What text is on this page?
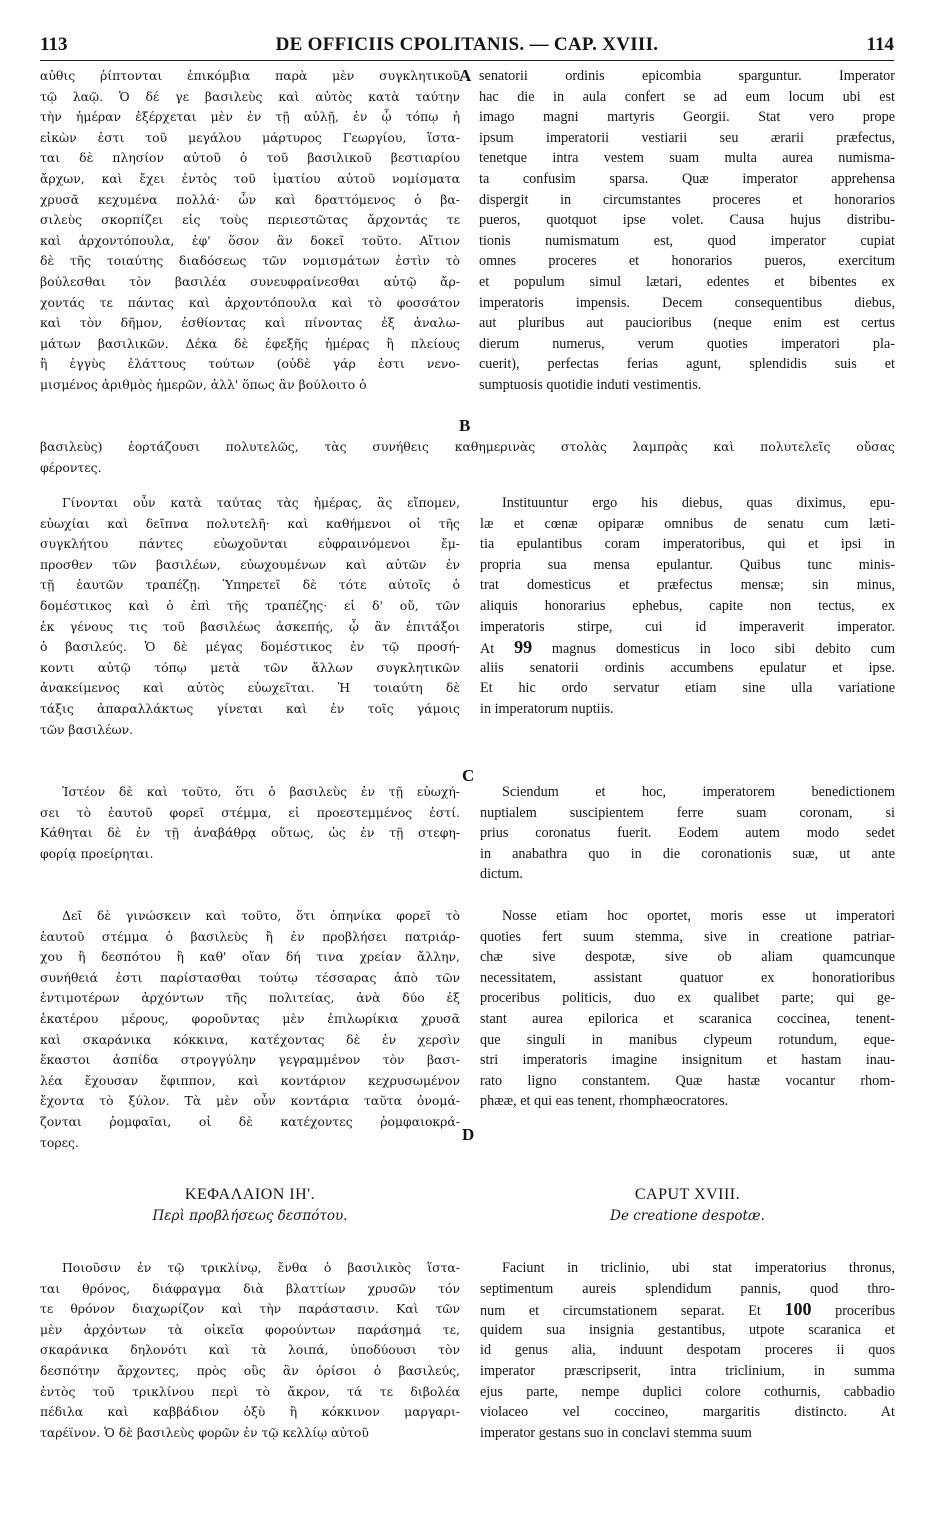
113	DE OFFICIIS CPOLITANIS. — CAP. XVIII.	114
αὐθις ῥίπτονται ἐπικόμβια παρὰ μὲν συγκλητικοῦ
τῷ λαῷ. Ὁ δέ γε βασιλεὺς καὶ αὐτὸς κατὰ ταύτην
τὴν ἡμέραν ἐξέρχεται μὲν ἐν τῇ αὐλῇ, ἐν ᾧ τόπῳ ἡ
εἰκὼν ἐστι τοῦ μεγάλου μάρτυρος Γεωργίου, ἵστα-
ται δὲ πλησίον αὐτοῦ ὁ τοῦ βασιλικοῦ βεστιαρίου
ἄρχων, καὶ ἔχει ἐντὸς τοῦ ἱματίου αὐτοῦ νομίσματα
χρυσᾶ κεχυμένα πολλά· ὧν καὶ δραττόμενος ὁ βα-
σιλεὺς σκορπίζει εἰς τοὺς περιεστῶτας ἄρχοντάς τε
καὶ ἀρχοντόπουλα, ἐφ' ὅσον ἂν δοκεῖ τοῦτο. Αἴτιον
δὲ τῆς τοιαύτης διαδόσεως τῶν νομισμάτων ἐστὶν τὸ
βούλεσθαι τὸν βασιλέα συνευφραίνεσθαι αὐτῷ ἄρ-
χοντάς τε πάντας καὶ ἀρχοντόπουλα καὶ τὸ φοσσάτον
καὶ τὸν δῆμον, ἐσθίοντας καὶ πίνοντας ἐξ ἀναλω-
μάτων βασιλικῶν. Δέκα δὲ ἐφεξῆς ἡμέρας ἢ πλείους
ἢ ἐγγὺς ἐλάττους τούτων (οὐδὲ γάρ ἐστι νενο-
μισμένος ἀριθμὸς ἡμερῶν, ἀλλ' ὅπως ἂν βούλοιτο ὁ
senatorii ordinis epicombia sparguntur. Imperator
hac die in aula confert se ad eum locum ubi est
imago magni martyris Georgii. Stat vero prope
ipsum imperatorii vestiarii seu ærarii præfectus,
tenetque intra vestem suam multa aurea numisma-
ta confusim sparsa. Quæ imperator apprehensa
dispergit in circumstantes proceres et honorarios
pueros, quotquot ipse volet. Causa hujus distribu-
tionis numismatum est, quod imperator cupiat
omnes proceres et honorarios pueros, exercitum
et populum simul lætari, edentes et bibentes ex
imperatoris impensis. Decem consequentibus diebus,
aut pluribus aut paucioribus (neque enim est certus
dierum numerus, verum quoties imperatori pla-
cuerit), perfectas ferias agunt, splendidis suis et
sumptuosis quotidie induti vestimentis.
βασιλεὺς) ἑορτάζουσι πολυτελῶς, τὰς συνήθεις καθημερινὰς στολὰς λαμπρὰς καὶ πολυτελεῖς οὔσας
φέροντες.
A
B
C
D
Γίνονται οὖν κατὰ ταύτας τὰς ἡμέρας, ἃς εἴπομεν,
εὐωχίαι καὶ δεῖπνα πολυτελῆ· καὶ καθήμενοι οἱ τῆς
συγκλήτου πάντες εὐωχοῦνται εὐφραινόμενοι ἔμ-
προσθεν τῶν βασιλέων, εὐωχουμένων καὶ αὐτῶν ἐν
τῇ ἑαυτῶν τραπέζῃ. Ὑπηρετεῖ δὲ τότε αὐτοῖς ὁ
δομέστικος καὶ ὁ ἐπὶ τῆς τραπέζης· εἰ δ' οὔ, τῶν
ἐκ γένους τις τοῦ βασιλέως ἀσκεπής, ᾧ ἂν ἐπιτάξοι
ὁ βασιλεύς. Ὁ δὲ μέγας δομέστικος ἐν τῷ προσή-
κοντι αὐτῷ τόπῳ μετὰ τῶν ἄλλων συγκλητικῶν
ἀνακείμενος καὶ αὐτὸς εὐωχεῖται. Ἡ τοιαύτη δὲ
τάξις ἀπαραλλάκτως γίνεται καὶ ἐν τοῖς γάμοις
τῶν βασιλέων.
Ἰστέον δὲ καὶ τοῦτο, ὅτι ὁ βασιλεὺς ἐν τῇ εὐωχή-
σει τὸ ἑαυτοῦ φορεῖ στέμμα, εἰ προεστεμμένος ἐστί.
Κάθηται δὲ ἐν τῇ ἀναβάθρᾳ οὕτως, ὡς ἐν τῇ στεφη-
φορίᾳ προείρηται.
Δεῖ δὲ γινώσκειν καὶ τοῦτο, ὅτι ὁπηνίκα φορεῖ τὸ
ἑαυτοῦ στέμμα ὁ βασιλεὺς ἢ ἐν προβλήσει πατριάρ-
χου ἢ δεσπότου ἢ καθ' οἵαν δή τινα χρείαν ἄλλην,
συνήθειά ἐστι παρίστασθαι τούτῳ τέσσαρας ἀπὸ τῶν
ἐντιμοτέρων ἀρχόντων τῆς πολιτείας, ἀνὰ δύο ἐξ
ἑκατέρου μέρους, φοροῦντας μὲν ἐπιλωρίκια χρυσᾶ
καὶ σκαράνικα κόκκινα, κατέχοντας δὲ ἐν χερσὶν
ἕκαστοι ἀσπίδα στρογγύλην γεγραμμένον τὸν βασι-
λέα ἔχουσαν ἔφιππον, καὶ κοντάριον κεχρυσωμένον
ἔχοντα τὸ ξύλον. Τὰ μὲν οὖν κοντάρια ταῦτα ὀνομά-
ζονται ῥομφαῖαι, οἱ δὲ κατέχοντες ῥομφαιοκρά-
τορες.
Instituuntur ergo his diebus, quas diximus, epu-
læ et cœnæ opiparæ omnibus de senatu cum læti-
tia epulantibus coram imperatoribus, qui et ipsi in
propria sua mensa epulantur. Quibus tunc minis-
trat domesticus et præfectus mensæ; sin minus,
aliquis honorarius ephebus, capite non tectus, ex
imperatoris stirpe, cui id imperaverit imperator.
At 99 magnus domesticus in loco sibi debito cum
aliis senatorii ordinis accumbens epulatur et ipse.
Et hic ordo servatur etiam sine ulla variatione
in imperatorum nuptiis.
Sciendum et hoc, imperatorem benedictionem
nuptialem suscipientem ferre suam coronam, si
prius coronatus fuerit. Eodem autem modo sedet
in anabathra quo in die coronationis suæ, ut ante
dictum.
Nosse etiam hoc oportet, moris esse ut imperatori
quoties fert suum stemma, sive in creatione patriar-
chæ sive despotæ, sive ob aliam quamcunque
necessitatem, assistant quatuor ex honoratioribus
proceribus politicis, duo ex qualibet parte; qui ge-
stant aurea epilorica et scaranica coccinea, tenent-
que singuli in manibus clypeum rotundum, eque-
stri imperatoris imagine insignitum et hastam inau-
rato ligno constantem. Quæ hastæ vocantur rhom-
phææ, et qui eas tenent, rhomphæocratores.
ΚΕΦΑΛΑΙΟΝ ΙΗ'.
Περὶ προβλήσεως δεσπότου.
CAPUT XVIII.
De creatione despotæ.
Ποιοῦσιν ἐν τῷ τρικλίνῳ, ἔνθα ὁ βασιλικὸς ἵστα-
ται θρόνος, διάφραγμα διὰ βλαττίων χρυσῶν τόν
τε θρόνον διαχωρίζον καὶ τὴν παράστασιν. Καὶ τῶν
μὲν ἀρχόντων τὰ οἰκεῖα φορούντων παράσημά τε,
σκαράνικα δηλονότι καὶ τὰ λοιπά, ὑποδύουσι τὸν
δεσπότην ἄρχοντες, πρὸς οὓς ἂν ὁρίσοι ὁ βασιλεύς,
ἐντὸς τοῦ τρικλίνου περὶ τὸ ἄκρον, τά τε διβολέα
πέδιλα καὶ καββάδιον ὀξὺ ἢ κόκκινον μαργαρι-
ταρέϊνον. Ὁ δὲ βασιλεὺς φορῶν ἐν τῷ κελλίῳ αὐτοῦ
Faciunt in triclinio, ubi stat imperatorius thronus,
septimentum aureis splendidum pannis, quod thro-
num et circumstationem separat. Et 100 proceribus
quidem sua insignia gestantibus, utpote scaranica et
id genus alia, induunt despotam proceres ii quos
imperator præscripserit, intra triclinium, in summa
ejus parte, nempe duplici colore cothurnis, cabbadio
violaceo vel coccineo, margaritis distincto. At
imperator gestans suo in conclavi stemma suum
